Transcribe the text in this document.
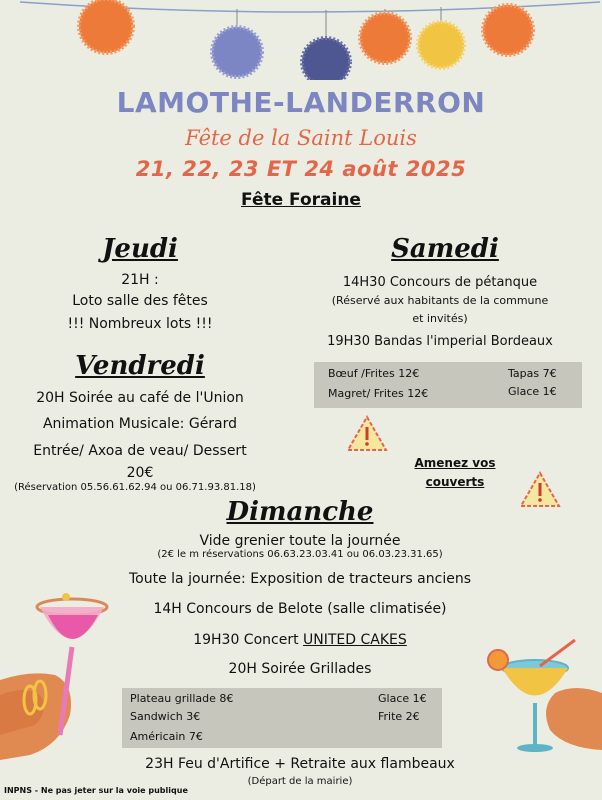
LAMOTHE-LANDERRON
Fête de la Saint Louis
21, 22, 23 ET 24 août 2025
Fête Foraine
Jeudi
21H :
Loto salle des fêtes
!!! Nombreux lots !!!
Vendredi
20H Soirée au café de l'Union
Animation Musicale: Gérard
Entrée/ Axoa de veau/ Dessert
20€
(Réservation 05.56.61.62.94 ou 06.71.93.81.18)
Samedi
14H30 Concours de pétanque
(Réservé aux habitants de la commune
et invités)
19H30 Bandas l'imperial Bordeaux
Bœuf /Frites 12€
Magret/ Frites 12€
Tapas 7€
Glace 1€
Amenez vos
couverts
Dimanche
Vide grenier toute la journée
(2€ le m réservations 06.63.23.03.41 ou 06.03.23.31.65)
Toute la journée: Exposition de tracteurs anciens
14H Concours de Belote (salle climatisée)
19H30 Concert UNITED CAKES
20H Soirée Grillades
Plateau grillade 8€
Sandwich 3€
Américain 7€
Glace 1€
Frite 2€
23H Feu d'Artifice + Retraite aux flambeaux
(Départ de la mairie)
INPNS - Ne pas jeter sur la voie publique
